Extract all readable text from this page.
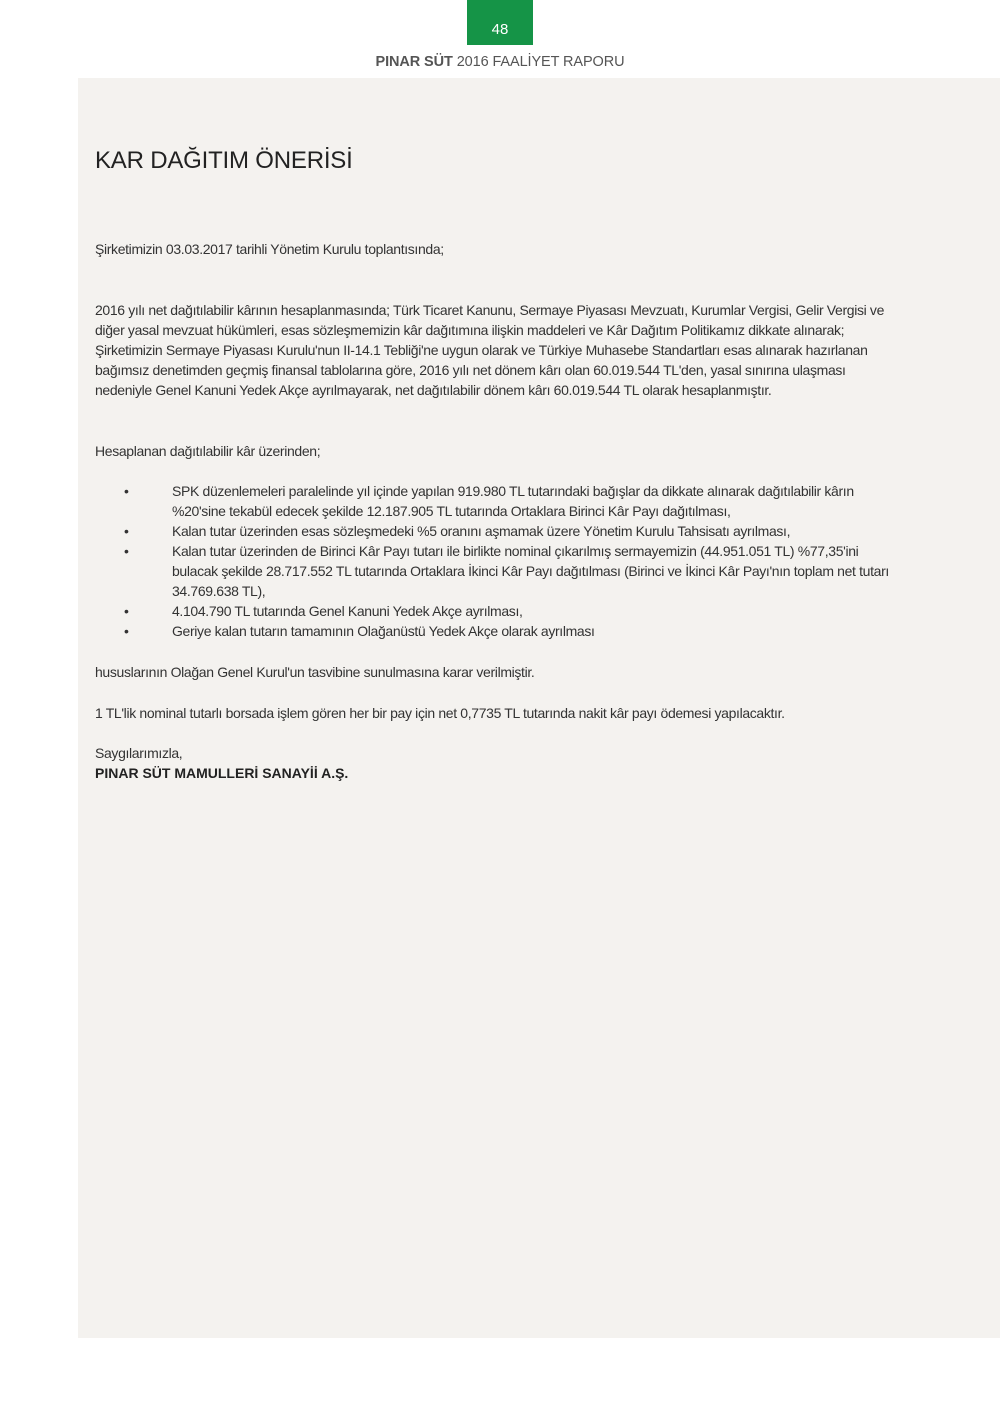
48
PINAR SÜT 2016 FAALİYET RAPORU
KAR DAĞITIM ÖNERİSİ

Şirketimizin 03.03.2017 tarihli Yönetim Kurulu toplantısında;

2016 yılı net dağıtılabilir kârının hesaplanmasında; Türk Ticaret Kanunu, Sermaye Piyasası Mevzuatı, Kurumlar Vergisi, Gelir Vergisi ve diğer yasal mevzuat hükümleri, esas sözleşmemizin kâr dağıtımına ilişkin maddeleri ve Kâr Dağıtım Politikamız dikkate alınarak; Şirketimizin Sermaye Piyasası Kurulu'nun II-14.1 Tebliği'ne uygun olarak ve Türkiye Muhasebe Standartları esas alınarak hazırlanan bağımsız denetimden geçmiş finansal tablolarına göre, 2016 yılı net dönem kârı olan 60.019.544 TL'den, yasal sınırına ulaşması nedeniyle Genel Kanuni Yedek Akçe ayrılmayarak, net dağıtılabilir dönem kârı 60.019.544 TL olarak hesaplanmıştır.

Hesaplanan dağıtılabilir kâr üzerinden;

•	SPK düzenlemeleri paralelinde yıl içinde yapılan 919.980 TL tutarındaki bağışlar da dikkate alınarak dağıtılabilir kârın %20'sine tekabül edecek şekilde 12.187.905 TL tutarında Ortaklara Birinci Kâr Payı dağıtılması,
•	Kalan tutar üzerinden esas sözleşmedeki %5 oranını aşmamak üzere Yönetim Kurulu Tahsisatı ayrılması,
•	Kalan tutar üzerinden de Birinci Kâr Payı tutarı ile birlikte nominal çıkarılmış sermayemizin (44.951.051 TL) %77,35'ini bulacak şekilde 28.717.552 TL tutarında Ortaklara İkinci Kâr Payı dağıtılması (Birinci ve İkinci Kâr Payı'nın toplam net tutarı 34.769.638 TL),
•	4.104.790 TL tutarında Genel Kanuni Yedek Akçe ayrılması,
•	Geriye kalan tutarın tamamının Olağanüstü Yedek Akçe olarak ayrılması

hususlarının Olağan Genel Kurul'un tasvibine sunulmasına karar verilmiştir.

1 TL'lik nominal tutarlı borsada işlem gören her bir pay için net 0,7735 TL tutarında nakit kâr payı ödemesi yapılacaktır.

Saygılarımızla,
PINAR SÜT MAMULLERİ SANAYİİ A.Ş.
